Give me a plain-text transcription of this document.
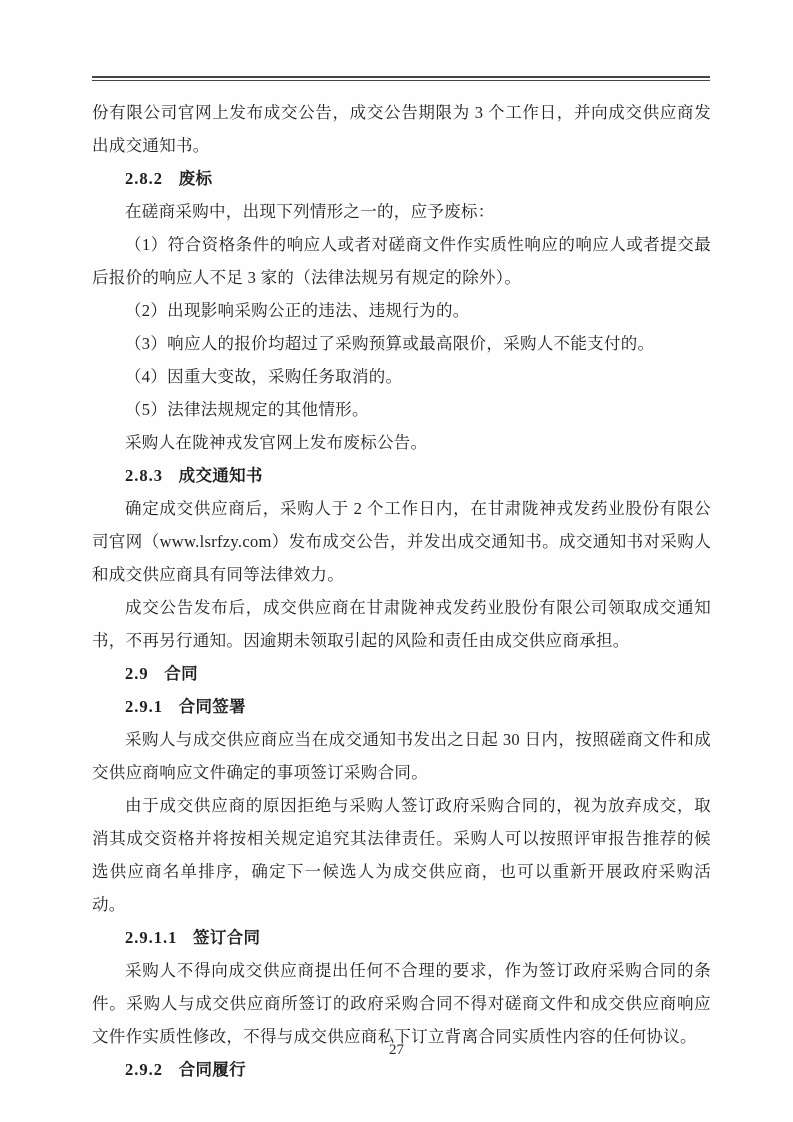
份有限公司官网上发布成交公告，成交公告期限为 3 个工作日，并向成交供应商发出成交通知书。

2.8.2 废标

在磋商采购中，出现下列情形之一的，应予废标：

（1）符合资格条件的响应人或者对磋商文件作实质性响应的响应人或者提交最后报价的响应人不足 3 家的（法律法规另有规定的除外）。

（2）出现影响采购公正的违法、违规行为的。

（3）响应人的报价均超过了采购预算或最高限价，采购人不能支付的。

（4）因重大变故，采购任务取消的。

（5）法律法规规定的其他情形。

采购人在陇神戎发官网上发布废标公告。

2.8.3 成交通知书

确定成交供应商后，采购人于 2 个工作日内，在甘肃陇神戎发药业股份有限公司官网（www.lsrfzy.com）发布成交公告，并发出成交通知书。成交通知书对采购人和成交供应商具有同等法律效力。

成交公告发布后，成交供应商在甘肃陇神戎发药业股份有限公司领取成交通知书，不再另行通知。因逾期未领取引起的风险和责任由成交供应商承担。

2.9 合同

2.9.1 合同签署

采购人与成交供应商应当在成交通知书发出之日起 30 日内，按照磋商文件和成交供应商响应文件确定的事项签订采购合同。

由于成交供应商的原因拒绝与采购人签订政府采购合同的，视为放弃成交，取消其成交资格并将按相关规定追究其法律责任。采购人可以按照评审报告推荐的候选供应商名单排序，确定下一候选人为成交供应商，也可以重新开展政府采购活动。

2.9.1.1 签订合同

采购人不得向成交供应商提出任何不合理的要求，作为签订政府采购合同的条件。采购人与成交供应商所签订的政府采购合同不得对磋商文件和成交供应商响应文件作实质性修改，不得与成交供应商私下订立背离合同实质性内容的任何协议。

2.9.2 合同履行

27
